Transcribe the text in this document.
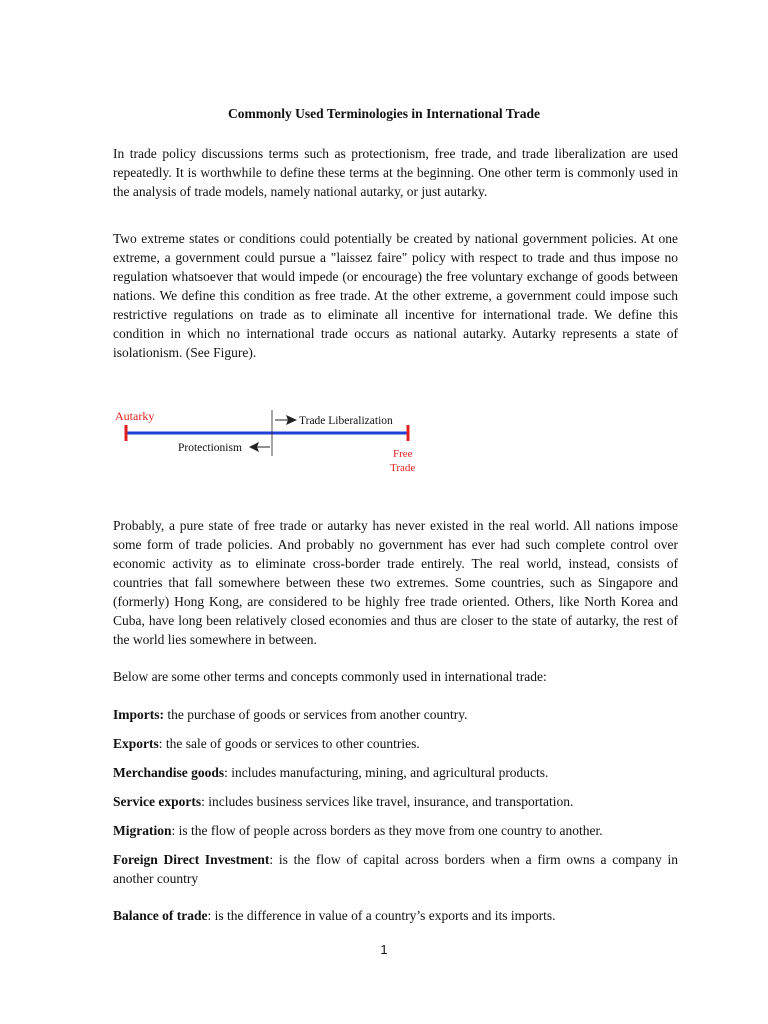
Commonly Used Terminologies in International Trade
In trade policy discussions terms such as protectionism, free trade, and trade liberalization are used repeatedly. It is worthwhile to define these terms at the beginning. One other term is commonly used in the analysis of trade models, namely national autarky, or just autarky.
Two extreme states or conditions could potentially be created by national government policies. At one extreme, a government could pursue a "laissez faire" policy with respect to trade and thus impose no regulation whatsoever that would impede (or encourage) the free voluntary exchange of goods between nations. We define this condition as free trade. At the other extreme, a government could impose such restrictive regulations on trade as to eliminate all incentive for international trade. We define this condition in which no international trade occurs as national autarky. Autarky represents a state of isolationism. (See Figure).
Autarky	Trade Liberalization
Protectionism	Free
Trade
Probably, a pure state of free trade or autarky has never existed in the real world. All nations impose some form of trade policies. And probably no government has ever had such complete control over economic activity as to eliminate cross-border trade entirely. The real world, instead, consists of countries that fall somewhere between these two extremes. Some countries, such as Singapore and (formerly) Hong Kong, are considered to be highly free trade oriented. Others, like North Korea and Cuba, have long been relatively closed economies and thus are closer to the state of autarky, the rest of the world lies somewhere in between.
Below are some other terms and concepts commonly used in international trade:
Imports: the purchase of goods or services from another country.
Exports: the sale of goods or services to other countries.
Merchandise goods: includes manufacturing, mining, and agricultural products.
Service exports: includes business services like travel, insurance, and transportation.
Migration: is the flow of people across borders as they move from one country to another.
Foreign Direct Investment: is the flow of capital across borders when a firm owns a company in another country
Balance of trade: is the difference in value of a country’s exports and its imports.
1
